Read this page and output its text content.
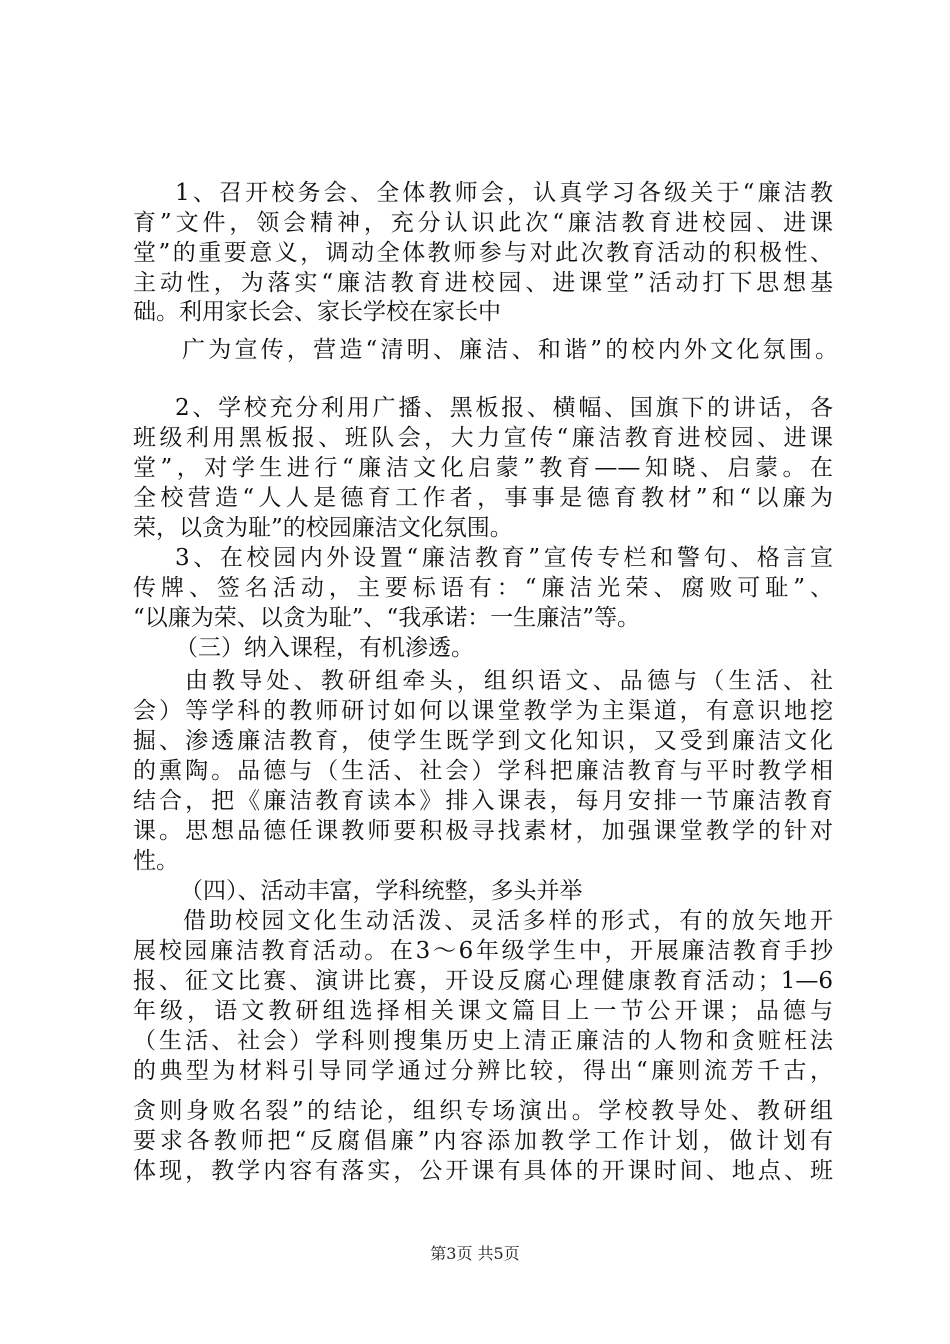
1、召开校务会、全体教师会，认真学习各级关于“廉洁教
育”文件，领会精神，充分认识此次“廉洁教育进校园、进课
堂”的重要意义，调动全体教师参与对此次教育活动的积极性、
主动性，为落实“廉洁教育进校园、进课堂”活动打下思想基
础。利用家长会、家长学校在家长中
广为宣传，营造“清明、廉洁、和谐”的校内外文化氛围。
2、学校充分利用广播、黑板报、横幅、国旗下的讲话，各
班级利用黑板报、班队会，大力宣传“廉洁教育进校园、进课
堂”，对学生进行“廉洁文化启蒙”教育——知晓、启蒙。在
全校营造“人人是德育工作者，事事是德育教材”和“以廉为
荣，以贪为耻”的校园廉洁文化氛围。
3、在校园内外设置“廉洁教育”宣传专栏和警句、格言宣
传牌、签名活动，主要标语有：“廉洁光荣、腐败可耻”、
“以廉为荣、以贪为耻”、“我承诺：一生廉洁”等。
（三）纳入课程，有机渗透。
由教导处、教研组牵头，组织语文、品德与（生活、社
会）等学科的教师研讨如何以课堂教学为主渠道，有意识地挖
掘、渗透廉洁教育，使学生既学到文化知识，又受到廉洁文化
的熏陶。品德与（生活、社会）学科把廉洁教育与平时教学相
结合，把《廉洁教育读本》排入课表，每月安排一节廉洁教育
课。思想品德任课教师要积极寻找素材，加强课堂教学的针对
性。
（四）、活动丰富，学科统整，多头并举
借助校园文化生动活泼、灵活多样的形式，有的放矢地开
展校园廉洁教育活动。在3～6年级学生中，开展廉洁教育手抄
报、征文比赛、演讲比赛，开设反腐心理健康教育活动；1—6
年级，语文教研组选择相关课文篇目上一节公开课；品德与
（生活、社会）学科则搜集历史上清正廉洁的人物和贪赃枉法
的典型为材料引导同学通过分辨比较，得出“廉则流芳千古，
贪则身败名裂”的结论，组织专场演出。学校教导处、教研组
要求各教师把“反腐倡廉”内容添加教学工作计划，做计划有
体现，教学内容有落实，公开课有具体的开课时间、地点、班
第3页 共5页
